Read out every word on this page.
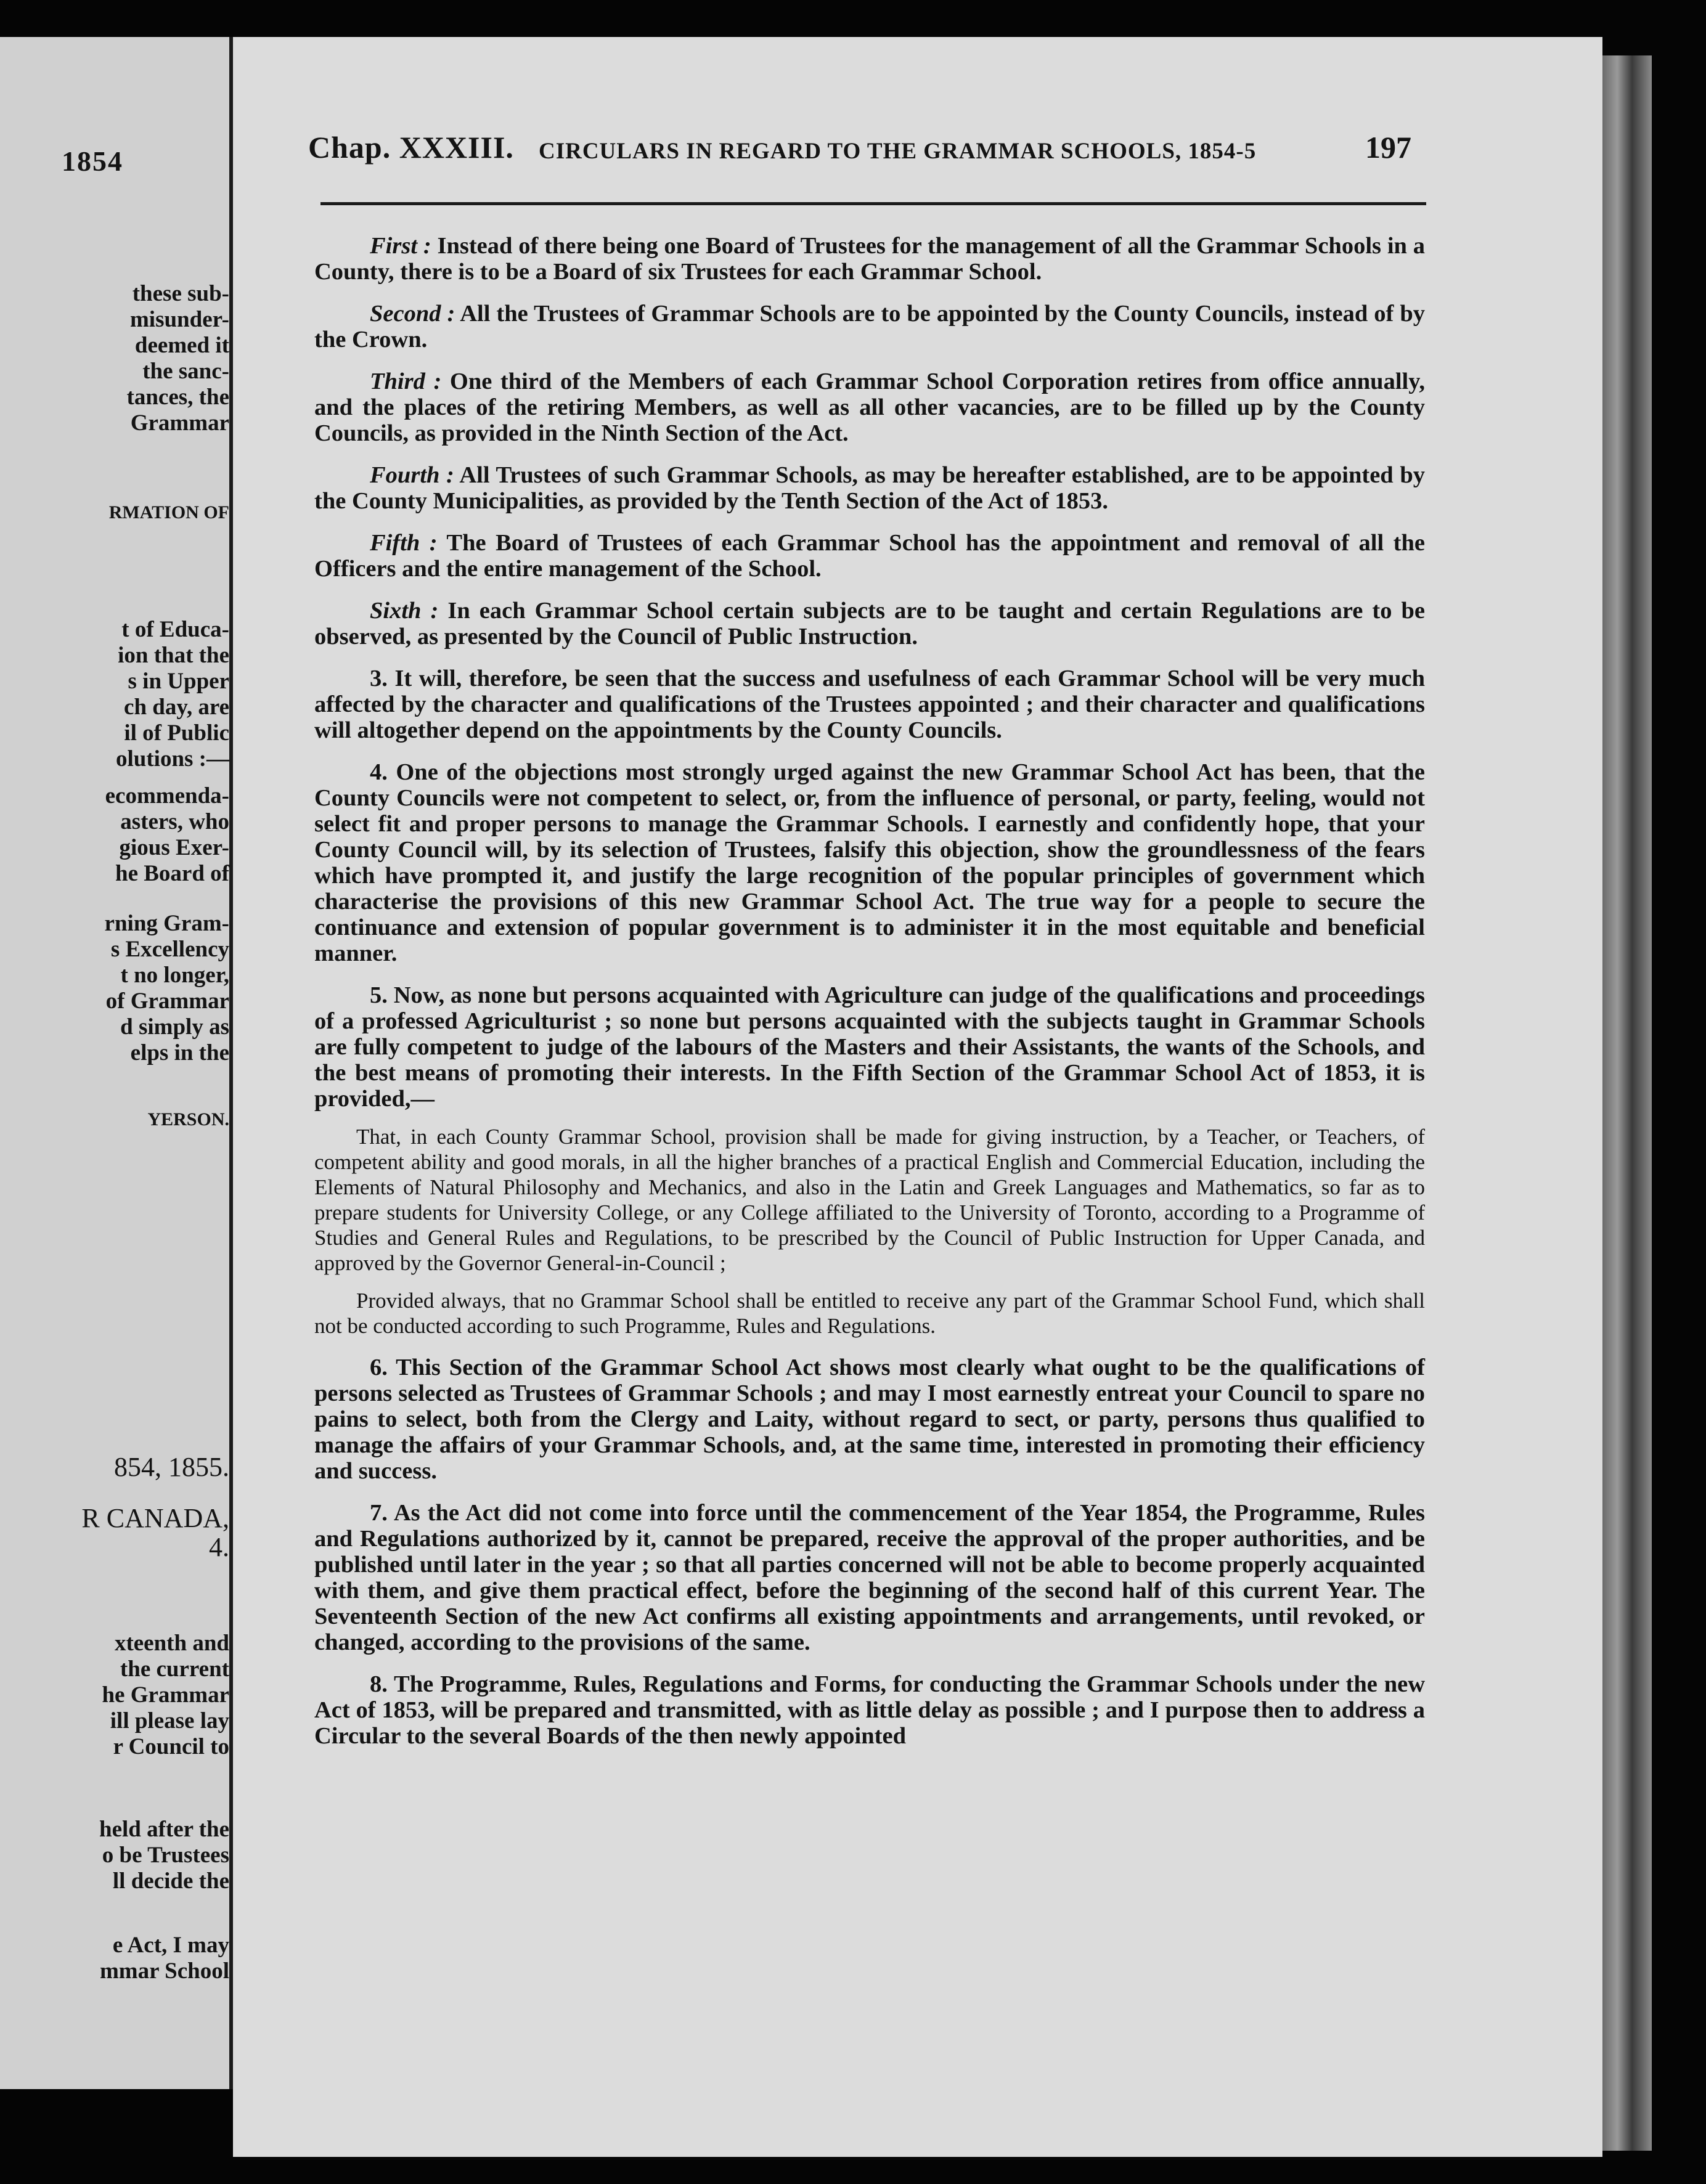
1854
these sub-
misunder-
deemed it
the sanc-
tances, the
Grammar
RMATION OF
t of Educa-
ion that the
s in Upper
ch day, are
il of Public
olutions :—
ecommenda-
asters, who
gious Exer-
he Board of
rning Gram-
s Excellency
t no longer,
of Grammar
d simply as
elps in the
YERSON.
854, 1855.
R CANADA,
4.
xteenth and
the current
he Grammar
ill please lay
r Council to
held after the
o be Trustees
ll decide the
e Act, I may
mmar School
Chap. XXXIII. CIRCULARS IN REGARD TO THE GRAMMAR SCHOOLS, 1854-5	197

First : Instead of there being one Board of Trustees for the management of all the Grammar Schools in a County, there is to be a Board of six Trustees for each Grammar School.

Second : All the Trustees of Grammar Schools are to be appointed by the County Councils, instead of by the Crown.

Third : One third of the Members of each Grammar School Corporation retires from office annually, and the places of the retiring Members, as well as all other vacancies, are to be filled up by the County Councils, as provided in the Ninth Section of the Act.

Fourth : All Trustees of such Grammar Schools, as may be hereafter established, are to be appointed by the County Municipalities, as provided by the Tenth Section of the Act of 1853.

Fifth : The Board of Trustees of each Grammar School has the appointment and removal of all the Officers and the entire management of the School.

Sixth : In each Grammar School certain subjects are to be taught and certain Regulations are to be observed, as presented by the Council of Public Instruction.

3. It will, therefore, be seen that the success and usefulness of each Grammar School will be very much affected by the character and qualifications of the Trustees appointed ; and their character and qualifications will altogether depend on the appointments by the County Councils.

4. One of the objections most strongly urged against the new Grammar School Act has been, that the County Councils were not competent to select, or, from the influence of personal, or party, feeling, would not select fit and proper persons to manage the Grammar Schools. I earnestly and confidently hope, that your County Council will, by its selection of Trustees, falsify this objection, show the groundlessness of the fears which have prompted it, and justify the large recognition of the popular principles of government which characterise the provisions of this new Grammar School Act. The true way for a people to secure the continuance and extension of popular government is to administer it in the most equitable and beneficial manner.

5. Now, as none but persons acquainted with Agriculture can judge of the qualifications and proceedings of a professed Agriculturist ; so none but persons acquainted with the subjects taught in Grammar Schools are fully competent to judge of the labours of the Masters and their Assistants, the wants of the Schools, and the best means of promoting their interests. In the Fifth Section of the Grammar School Act of 1853, it is provided,—

That, in each County Grammar School, provision shall be made for giving instruction, by a Teacher, or Teachers, of competent ability and good morals, in all the higher branches of a practical English and Commercial Education, including the Elements of Natural Philosophy and Mechanics, and also in the Latin and Greek Languages and Mathematics, so far as to prepare students for University College, or any College affiliated to the University of Toronto, according to a Programme of Studies and General Rules and Regulations, to be prescribed by the Council of Public Instruction for Upper Canada, and approved by the Governor General-in-Council ;

Provided always, that no Grammar School shall be entitled to receive any part of the Grammar School Fund, which shall not be conducted according to such Programme, Rules and Regulations.

6. This Section of the Grammar School Act shows most clearly what ought to be the qualifications of persons selected as Trustees of Grammar Schools ; and may I most earnestly entreat your Council to spare no pains to select, both from the Clergy and Laity, without regard to sect, or party, persons thus qualified to manage the affairs of your Grammar Schools, and, at the same time, interested in promoting their efficiency and success.

7. As the Act did not come into force until the commencement of the Year 1854, the Programme, Rules and Regulations authorized by it, cannot be prepared, receive the approval of the proper authorities, and be published until later in the year ; so that all parties concerned will not be able to become properly acquainted with them, and give them practical effect, before the beginning of the second half of this current Year. The Seventeenth Section of the new Act confirms all existing appointments and arrangements, until revoked, or changed, according to the provisions of the same.

8. The Programme, Rules, Regulations and Forms, for conducting the Grammar Schools under the new Act of 1853, will be prepared and transmitted, with as little delay as possible ; and I purpose then to address a Circular to the several Boards of the then newly appointed
